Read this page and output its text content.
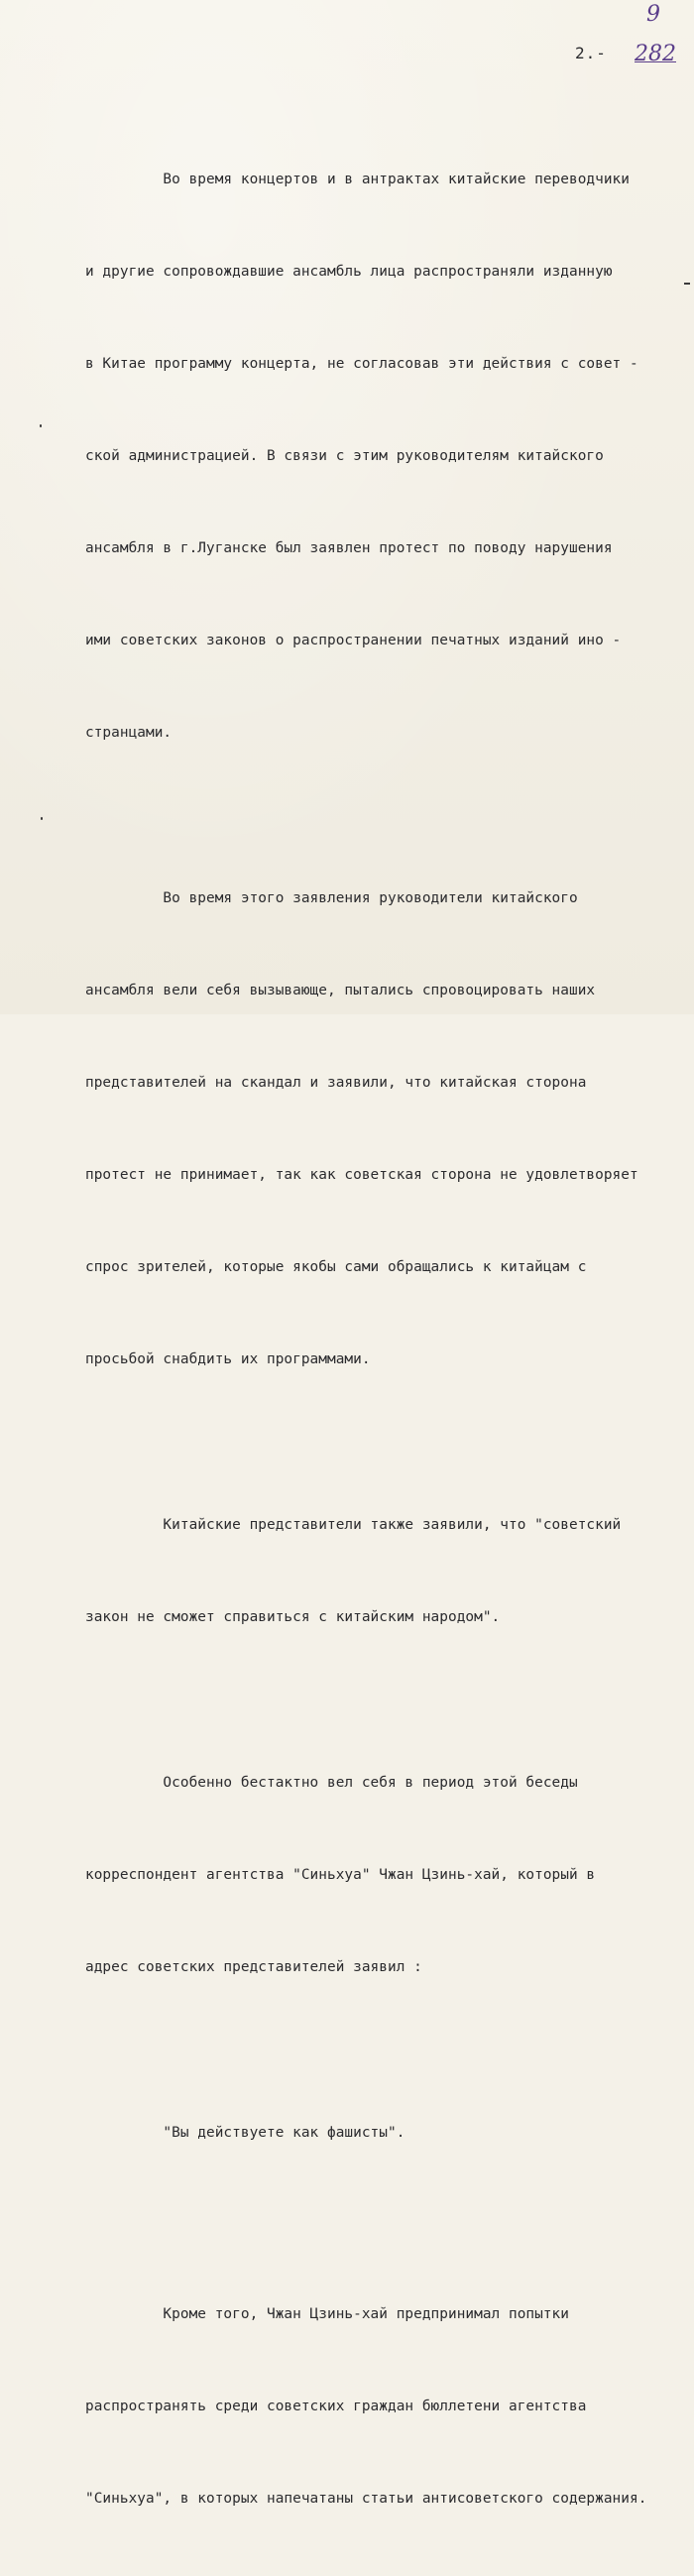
9
282
2.-

Во время концертов и в антрактах китайские переводчики

и другие сопровождавшие ансамбль лица распространяли изданную

в Китае программу концерта, не согласовав эти действия с совет -

ской администрацией. В связи с этим руководителям китайского

ансамбля в г.Луганске был заявлен протест по поводу нарушения

ими советских законов о распространении печатных изданий ино -

странцами.

Во время этого заявления руководители китайского

ансамбля вели себя вызывающе, пытались спровоцировать наших

представителей на скандал и заявили, что китайская сторона

протест не принимает, так как советская сторона не удовлетворяет

спрос зрителей, которые якобы сами обращались к китайцам с

просьбой снабдить их программами.

Китайские представители также заявили, что "советский

закон не сможет справиться с китайским народом".

Особенно бестактно вел себя в период этой беседы

корреспондент агентства "Синьхуа" Чжан Цзинь-хай, который в

адрес советских представителей заявил :

"Вы действуете как фашисты".

Кроме того, Чжан Цзинь-хай предпринимал попытки

распространять среди советских граждан бюллетени агентства

"Синьхуа", в которых напечатаны статьи антисоветского содержания.
